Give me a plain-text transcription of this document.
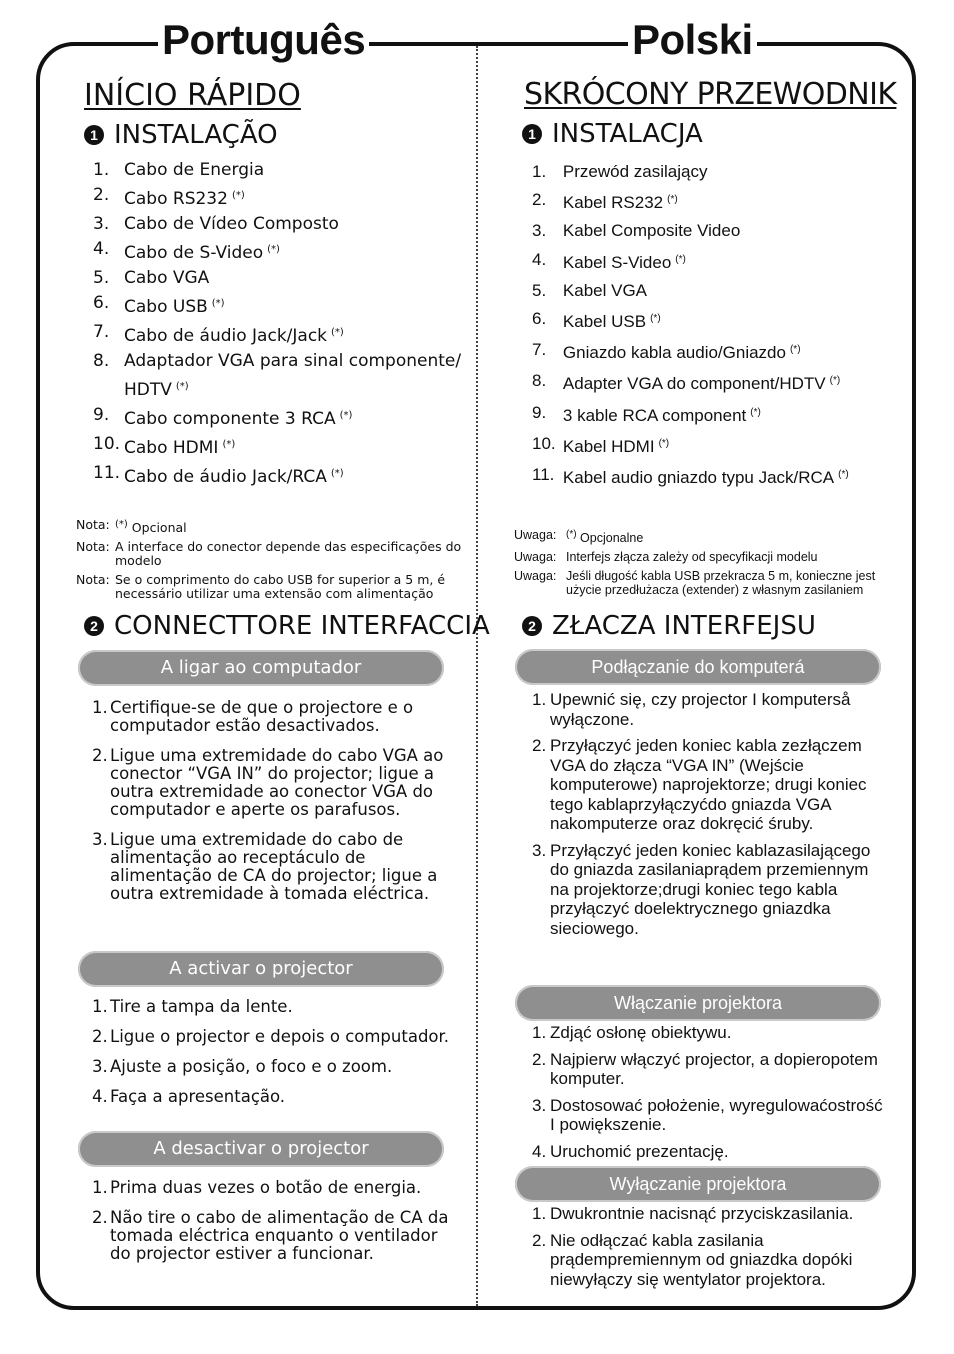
Português
INÍCIO RÁPIDO
1 INSTALAÇÃO
1. Cabo de Energia
2. Cabo RS232 (*)
3. Cabo de Vídeo Composto
4. Cabo de S-Video (*)
5. Cabo VGA
6. Cabo USB (*)
7. Cabo de áudio Jack/Jack (*)
8. Adaptador VGA para sinal componente/ HDTV (*)
9. Cabo componente 3 RCA (*)
10. Cabo HDMI (*)
11. Cabo de áudio Jack/RCA (*)
Nota: (*) Opcional
Nota: A interface do conector depende das especificações do modelo
Nota: Se o comprimento do cabo USB for superior a 5 m, é necessário utilizar uma extensão com alimentação
2 CONNECTTORE INTERFACCIA
A ligar ao computador
1. Certifique-se de que o projectore e o computador estão desactivados.
2. Ligue uma extremidade do cabo VGA ao conector “VGA IN” do projector; ligue a outra extremidade ao conector VGA do computador e aperte os parafusos.
3. Ligue uma extremidade do cabo de alimentação ao receptáculo de alimentação de CA do projector; ligue a outra extremidade à tomada eléctrica.
A activar o projector
1. Tire a tampa da lente.
2. Ligue o projector e depois o computador.
3. Ajuste a posição, o foco e o zoom.
4. Faça a apresentação.
A desactivar o projector
1. Prima duas vezes o botão de energia.
2. Não tire o cabo de alimentação de CA da tomada eléctrica enquanto o ventilador do projector estiver a funcionar.
Polski
SKRÓCONY PRZEWODNIK
1 INSTALACJA
1. Przewód zasilający
2. Kabel RS232 (*)
3. Kabel Composite Video
4. Kabel S-Video (*)
5. Kabel VGA
6. Kabel USB (*)
7. Gniazdo kabla audio/Gniazdo (*)
8. Adapter VGA do component/HDTV (*)
9. 3 kable RCA component (*)
10. Kabel HDMI (*)
11. Kabel audio gniazdo typu Jack/RCA (*)
Uwaga: (*) Opcjonalne
Uwaga: Interfejs złącza zależy od specyfikacji modelu
Uwaga: Jeśli długość kabla USB przekracza 5 m, konieczne jest użycie przedłużacza (extender) z własnym zasilaniem
2 ZŁACZA INTERFEJSU
Podłączanie do komputerá
1. Upewnić się, czy projector I komputerså wyłączone.
2. Przyłączyć jeden koniec kabla zezłączem VGA do złącza “VGA IN” (Wejście komputerowe) naprojektorze; drugi koniec tego kablaprzyłączyćdo gniazda VGA nakomputerze oraz dokręcić śruby.
3. Przyłączyć jeden koniec kablazasilającego do gniazda zasilaniaprądem przemiennym na projektorze;drugi koniec tego kabla przyłączyć doelektrycznego gniazdka sieciowego.
Włączanie projektora
1. Zdjąć osłonę obiektywu.
2. Najpierw włączyć projector, a dopieropotem komputer.
3. Dostosować położenie, wyregulowaćostrość I powiększenie.
4. Uruchomić prezentację.
Wyłączanie projektora
1. Dwukrontnie nacisnąć przyciskzasilania.
2. Nie odłączać kabla zasilania prądempremiennym od gniazdka dopóki niewyłączy się wentylator projektora.
